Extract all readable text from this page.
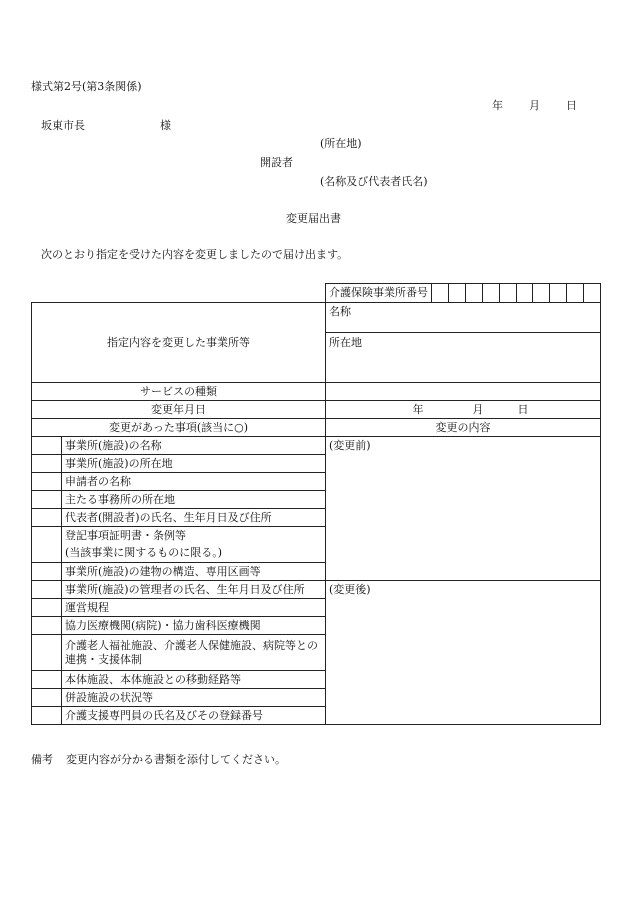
様式第2号(第3条関係)
年 月 日
坂東市長	様
(所在地)
開設者
(名称及び代表者氏名)
変更届出書
次のとおり指定を受けた内容を変更しましたので届け出ます。

介護保険事業所番号

指定内容を変更した事業所等		名称
		所在地
サービスの種類		
変更年月日		年 月 日
変更があった事項(該当に○)		変更の内容
	事業所(施設)の名称	(変更前)
	事業所(施設)の所在地	
	申請者の名称	
	主たる事務所の所在地	
	代表者(開設者)の氏名、生年月日及び住所	
	登記事項証明書・条例等	
	(当該事業に関するものに限る。)	
	事業所(施設)の建物の構造、専用区画等	
	事業所(施設)の管理者の氏名、生年月日及び住所	(変更後)
	運営規程	
	協力医療機関(病院)・協力歯科医療機関	
	介護老人福祉施設、介護老人保健施設、病院等との連携・支援体制	
	本体施設、本体施設との移動経路等	
	併設施設の状況等	
	介護支援専門員の氏名及びその登録番号	
備考 変更内容が分かる書類を添付してください。
